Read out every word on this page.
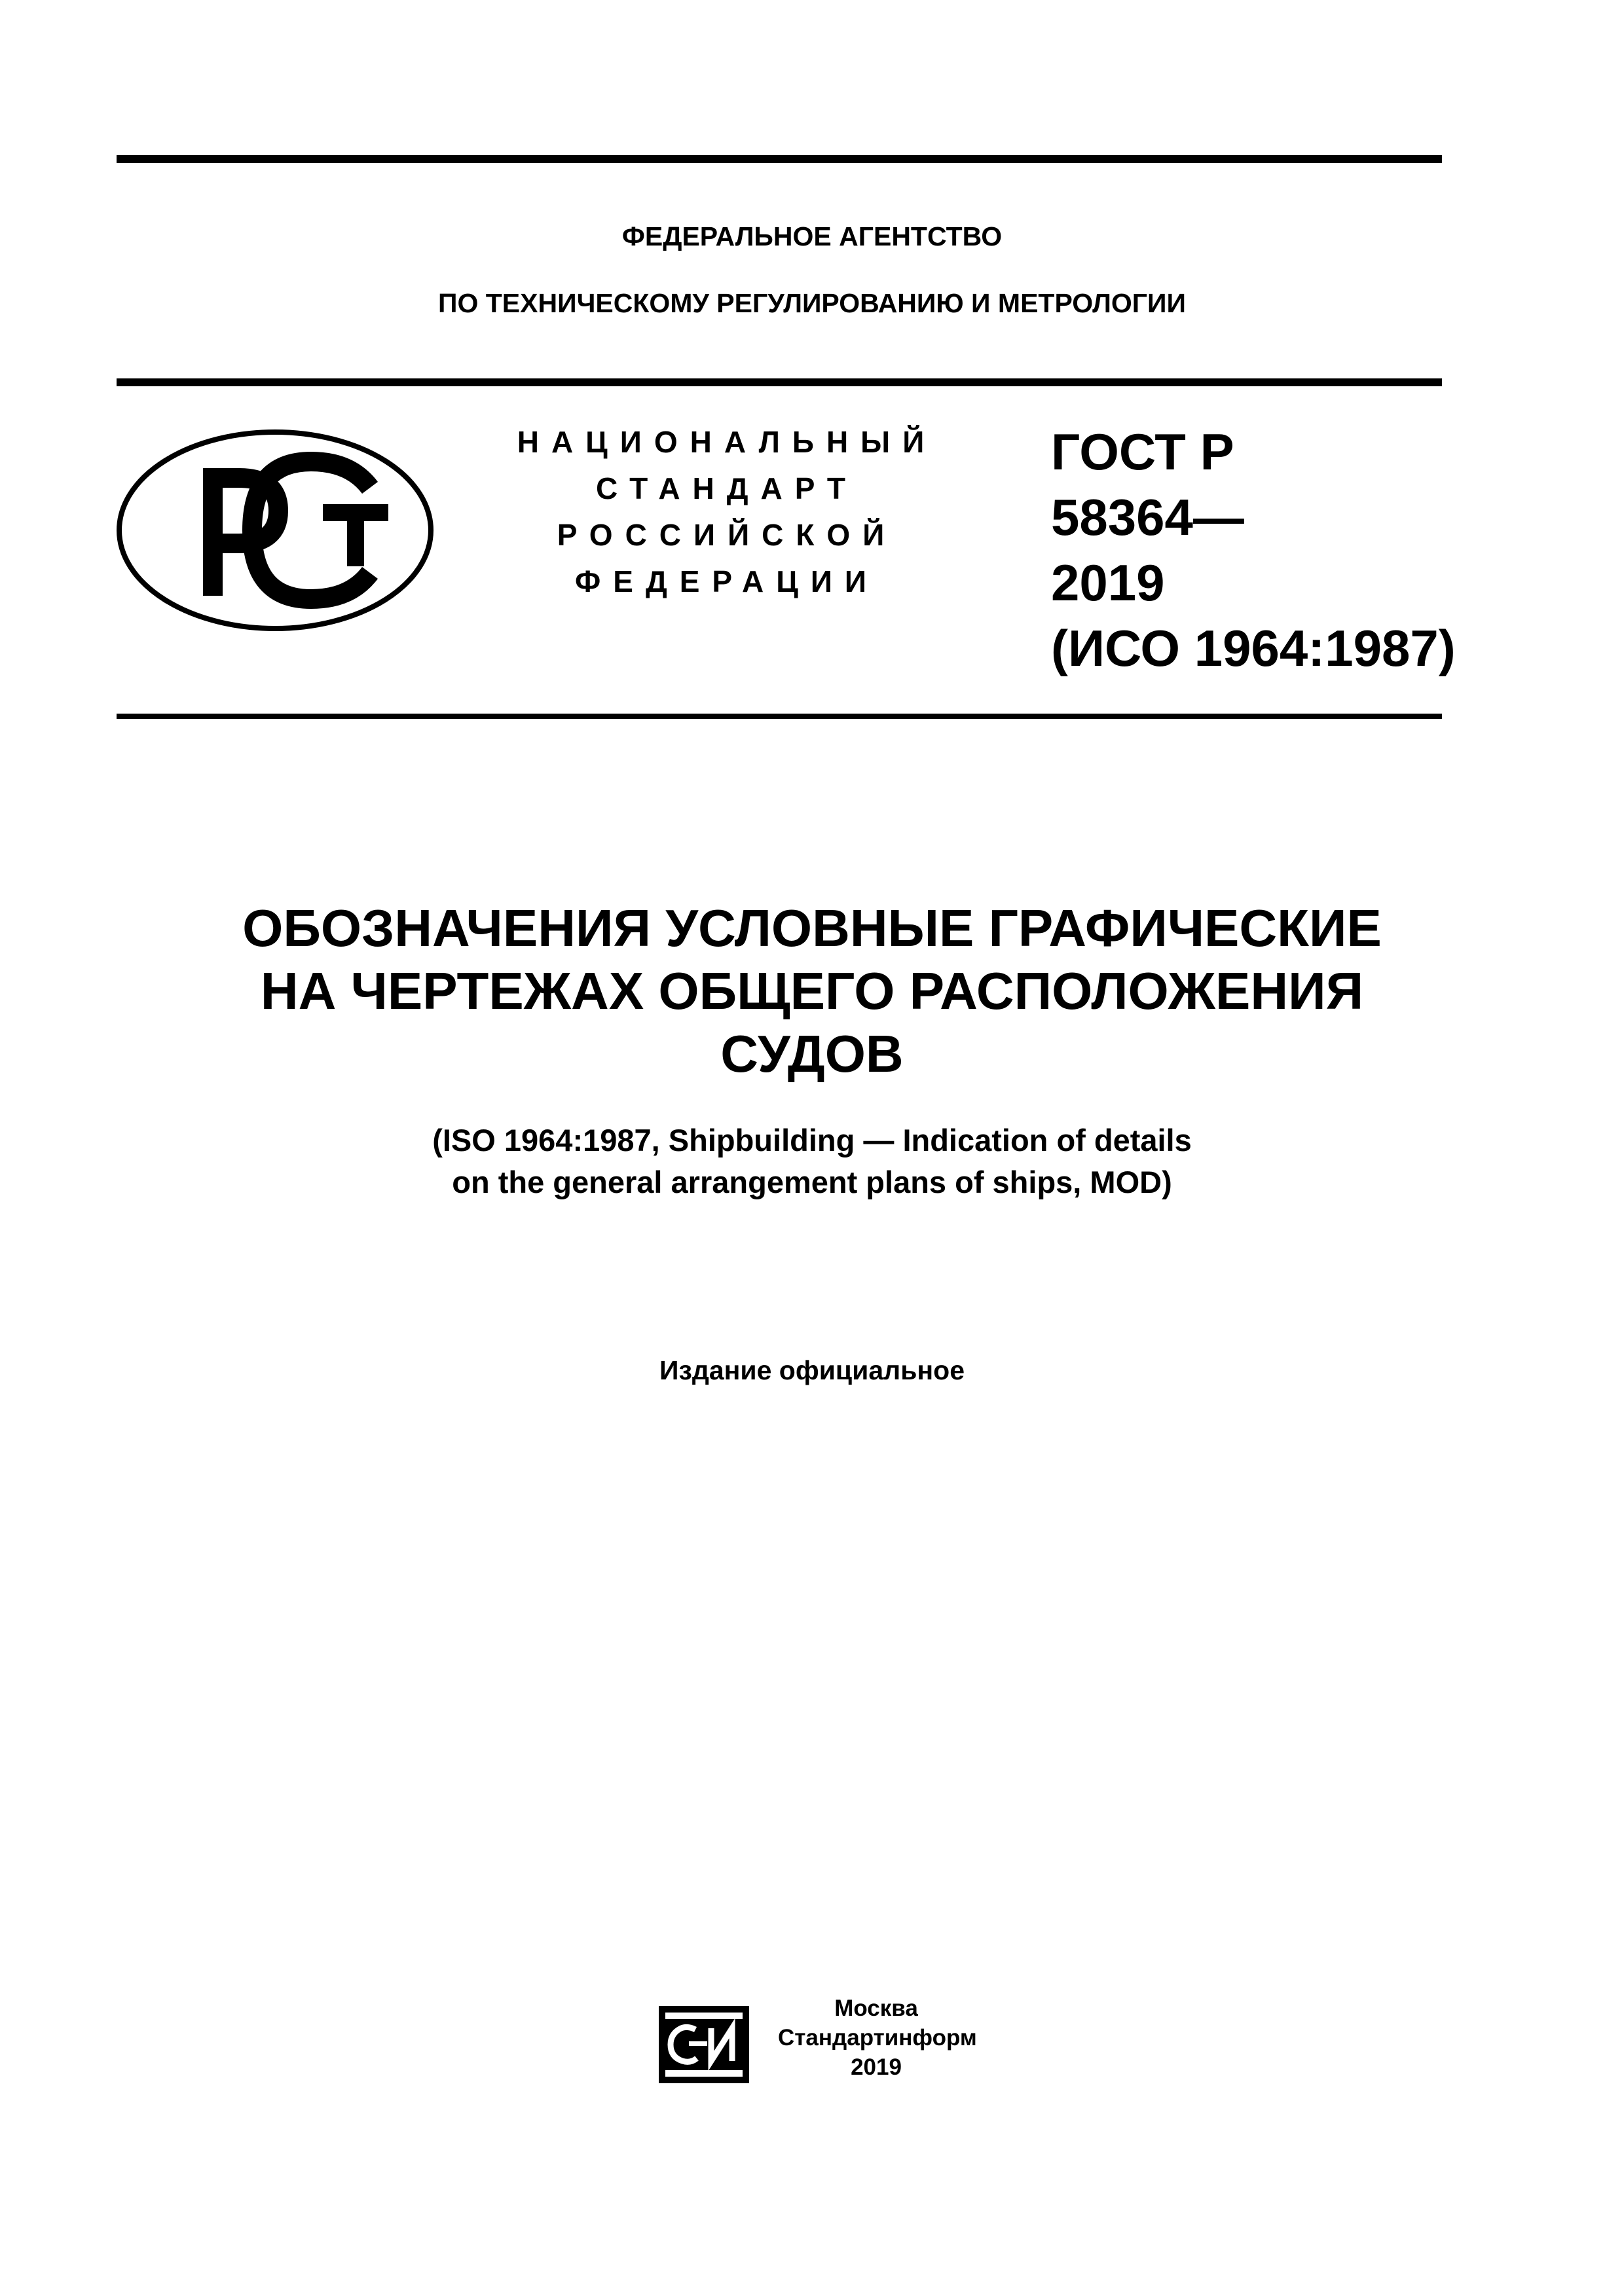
ФЕДЕРАЛЬНОЕ АГЕНТСТВО
ПО ТЕХНИЧЕСКОМУ РЕГУЛИРОВАНИЮ И МЕТРОЛОГИИ
НАЦИОНАЛЬНЫЙ
СТАНДАРТ
РОССИЙСКОЙ
ФЕДЕРАЦИИ
ГОСТ Р
58364—
2019
(ИСО 1964:1987)
ОБОЗНАЧЕНИЯ УСЛОВНЫЕ ГРАФИЧЕСКИЕ
НА ЧЕРТЕЖАХ ОБЩЕГО РАСПОЛОЖЕНИЯ
СУДОВ
(ISO 1964:1987, Shipbuilding — Indication of details
on the general arrangement plans of ships, MOD)
Издание официальное
Москва
Стандартинформ
2019
